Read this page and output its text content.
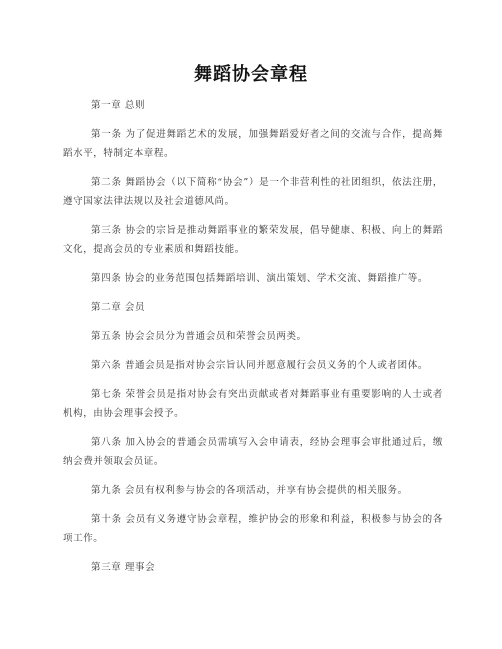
舞蹈协会章程
第一章 总则
第一条 为了促进舞蹈艺术的发展，加强舞蹈爱好者之间的交流与合作，提高舞蹈水平，特制定本章程。
第二条 舞蹈协会（以下简称“协会”）是一个非营利性的社团组织，依法注册，遵守国家法律法规以及社会道德风尚。
第三条 协会的宗旨是推动舞蹈事业的繁荣发展，倡导健康、积极、向上的舞蹈文化，提高会员的专业素质和舞蹈技能。
第四条 协会的业务范围包括舞蹈培训、演出策划、学术交流、舞蹈推广等。
第二章 会员
第五条 协会会员分为普通会员和荣誉会员两类。
第六条 普通会员是指对协会宗旨认同并愿意履行会员义务的个人或者团体。
第七条 荣誉会员是指对协会有突出贡献或者对舞蹈事业有重要影响的人士或者机构，由协会理事会授予。
第八条 加入协会的普通会员需填写入会申请表，经协会理事会审批通过后，缴纳会费并领取会员证。
第九条 会员有权利参与协会的各项活动，并享有协会提供的相关服务。
第十条 会员有义务遵守协会章程，维护协会的形象和利益，积极参与协会的各项工作。
第三章 理事会
